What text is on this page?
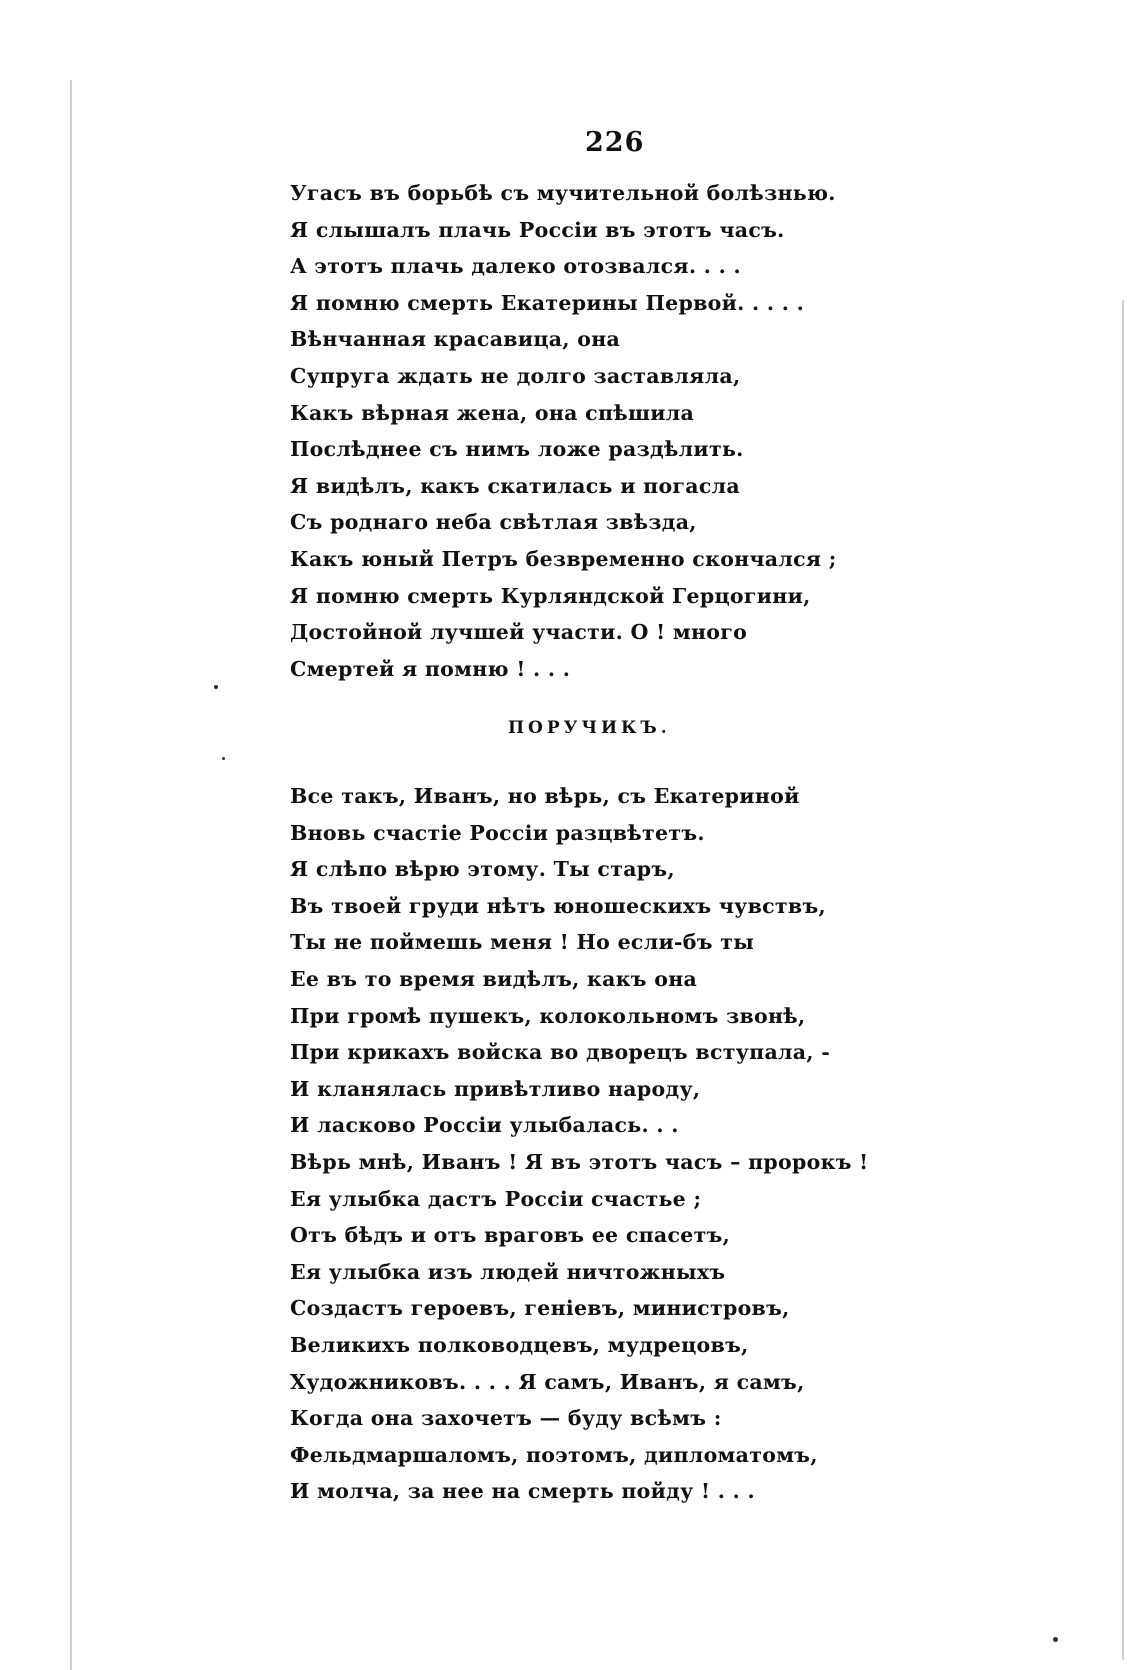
226
Угасъ въ борьбѣ съ мучительной болѣзнью.
Я слышалъ плачь Россіи въ этотъ часъ.
А этотъ плачь далеко отозвался. . . .
Я помню смерть Екатерины Первой. . . . .
Вѣнчанная красавица, она
Супруга ждать не долго заставляла,
Какъ вѣрная жена, она спѣшила
Послѣднее съ нимъ ложе раздѣлить.
Я видѣлъ, какъ скатилась и погасла
Съ роднаго неба свѣтлая звѣзда,
Какъ юный Петръ безвременно скончался ;
Я помню смерть Курляндской Герцогини,
Достойной лучшей участи. О ! много
Смертей я помню ! . . .
ПОРУЧИКЪ.
Все такъ, Иванъ, но вѣрь, съ Екатериной
Вновь счастіе Россіи разцвѣтетъ.
Я слѣпо вѣрю этому. Ты старъ,
Въ твоей груди нѣтъ юношескихъ чувствъ,
Ты не поймешь меня ! Но если-бъ ты
Ее въ то время видѣлъ, какъ она
При громѣ пушекъ, колокольномъ звонѣ,
При крикахъ войска во дворецъ вступала, -
И кланялась привѣтливо народу,
И ласково Россіи улыбалась. . .
Вѣрь мнѣ, Иванъ ! Я въ этотъ часъ – пророкъ !
Ея улыбка дастъ Россіи счастье ;
Отъ бѣдъ и отъ враговъ ее спасетъ,
Ея улыбка изъ людей ничтожныхъ
Создастъ героевъ, геніевъ, министровъ,
Великихъ полководцевъ, мудрецовъ,
Художниковъ. . . . Я самъ, Иванъ, я самъ,
Когда она захочетъ — буду всѣмъ :
Фельдмаршаломъ, поэтомъ, дипломатомъ,
И молча, за нее на смерть пойду ! . . .
